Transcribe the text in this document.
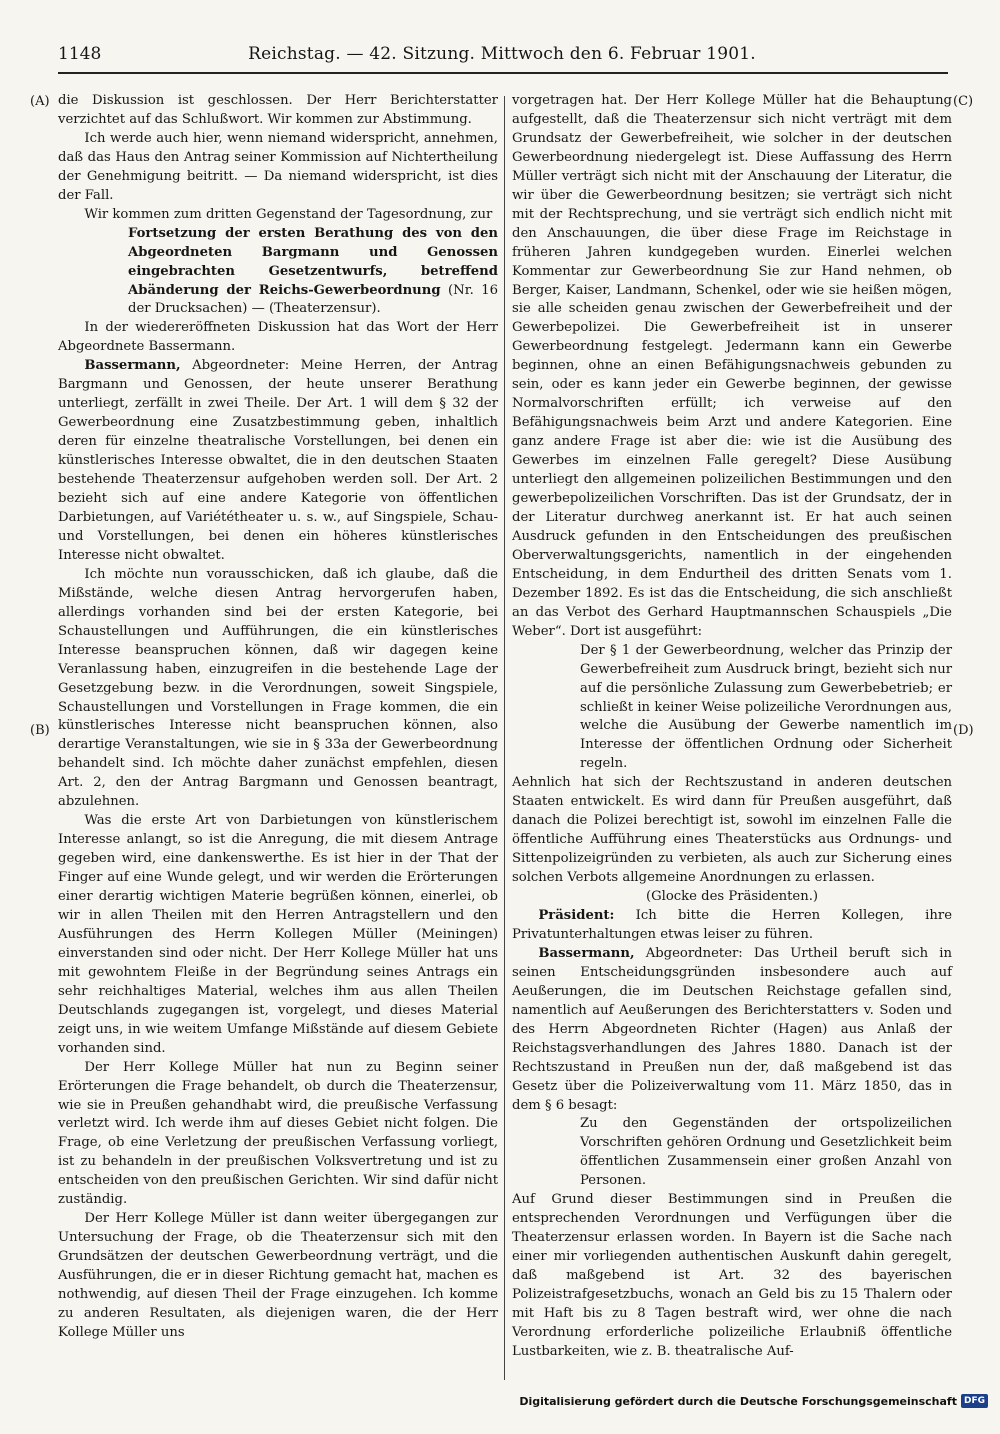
1148	Reichstag. — 42. Sitzung. Mittwoch den 6. Februar 1901.
(A)
(B)
(C)
(D)

die Diskussion ist geschlossen. Der Herr Berichterstatter verzichtet auf das Schlußwort. Wir kommen zur Abstimmung.

Ich werde auch hier, wenn niemand widerspricht, annehmen, daß das Haus den Antrag seiner Kommission auf Nichtertheilung der Genehmigung beitritt. — Da niemand widerspricht, ist dies der Fall.

Wir kommen zum dritten Gegenstand der Tagesordnung, zur

Fortsetzung der ersten Berathung des von den Abgeordneten Bargmann und Genossen eingebrachten Gesetzentwurfs, betreffend Abänderung der Reichs-Gewerbeordnung (Nr. 16 der Drucksachen) — (Theaterzensur).

In der wiedereröffneten Diskussion hat das Wort der Herr Abgeordnete Bassermann.

Bassermann, Abgeordneter: Meine Herren, der Antrag Bargmann und Genossen, der heute unserer Berathung unterliegt, zerfällt in zwei Theile. Der Art. 1 will dem § 32 der Gewerbeordnung eine Zusatzbestimmung geben, inhaltlich deren für einzelne theatralische Vorstellungen, bei denen ein künstlerisches Interesse obwaltet, die in den deutschen Staaten bestehende Theaterzensur aufgehoben werden soll. Der Art. 2 bezieht sich auf eine andere Kategorie von öffentlichen Darbietungen, auf Variététheater u. s. w., auf Singspiele, Schau- und Vorstellungen, bei denen ein höheres künstlerisches Interesse nicht obwaltet.

Ich möchte nun vorausschicken, daß ich glaube, daß die Mißstände, welche diesen Antrag hervorgerufen haben, allerdings vorhanden sind bei der ersten Kategorie, bei Schaustellungen und Aufführungen, die ein künstlerisches Interesse beanspruchen können, daß wir dagegen keine Veranlassung haben, einzugreifen in die bestehende Lage der Gesetzgebung bezw. in die Verordnungen, soweit Singspiele, Schaustellungen und Vorstellungen in Frage kommen, die ein künstlerisches Interesse nicht beanspruchen können, also derartige Veranstaltungen, wie sie in § 33a der Gewerbeordnung behandelt sind. Ich möchte daher zunächst empfehlen, diesen Art. 2, den der Antrag Bargmann und Genossen beantragt, abzulehnen.

Was die erste Art von Darbietungen von künstlerischem Interesse anlangt, so ist die Anregung, die mit diesem Antrage gegeben wird, eine dankenswerthe. Es ist hier in der That der Finger auf eine Wunde gelegt, und wir werden die Erörterungen einer derartig wichtigen Materie begrüßen können, einerlei, ob wir in allen Theilen mit den Herren Antragstellern und den Ausführungen des Herrn Kollegen Müller (Meiningen) einverstanden sind oder nicht. Der Herr Kollege Müller hat uns mit gewohntem Fleiße in der Begründung seines Antrags ein sehr reichhaltiges Material, welches ihm aus allen Theilen Deutschlands zugegangen ist, vorgelegt, und dieses Material zeigt uns, in wie weitem Umfange Mißstände auf diesem Gebiete vorhanden sind.

Der Herr Kollege Müller hat nun zu Beginn seiner Erörterungen die Frage behandelt, ob durch die Theaterzensur, wie sie in Preußen gehandhabt wird, die preußische Verfassung verletzt wird. Ich werde ihm auf dieses Gebiet nicht folgen. Die Frage, ob eine Verletzung der preußischen Verfassung vorliegt, ist zu behandeln in der preußischen Volksvertretung und ist zu entscheiden von den preußischen Gerichten. Wir sind dafür nicht zuständig.

Der Herr Kollege Müller ist dann weiter übergegangen zur Untersuchung der Frage, ob die Theaterzensur sich mit den Grundsätzen der deutschen Gewerbeordnung verträgt, und die Ausführungen, die er in dieser Richtung gemacht hat, machen es nothwendig, auf diesen Theil der Frage einzugehen. Ich komme zu anderen Resultaten, als diejenigen waren, die der Herr Kollege Müller uns

vorgetragen hat. Der Herr Kollege Müller hat die Behauptung aufgestellt, daß die Theaterzensur sich nicht verträgt mit dem Grundsatz der Gewerbefreiheit, wie solcher in der deutschen Gewerbeordnung niedergelegt ist. Diese Auffassung des Herrn Müller verträgt sich nicht mit der Anschauung der Literatur, die wir über die Gewerbeordnung besitzen; sie verträgt sich nicht mit der Rechtsprechung, und sie verträgt sich endlich nicht mit den Anschauungen, die über diese Frage im Reichstage in früheren Jahren kundgegeben wurden. Einerlei welchen Kommentar zur Gewerbeordnung Sie zur Hand nehmen, ob Berger, Kaiser, Landmann, Schenkel, oder wie sie heißen mögen, sie alle scheiden genau zwischen der Gewerbefreiheit und der Gewerbepolizei. Die Gewerbefreiheit ist in unserer Gewerbeordnung festgelegt. Jedermann kann ein Gewerbe beginnen, ohne an einen Befähigungsnachweis gebunden zu sein, oder es kann jeder ein Gewerbe beginnen, der gewisse Normalvorschriften erfüllt; ich verweise auf den Befähigungsnachweis beim Arzt und andere Kategorien. Eine ganz andere Frage ist aber die: wie ist die Ausübung des Gewerbes im einzelnen Falle geregelt? Diese Ausübung unterliegt den allgemeinen polizeilichen Bestimmungen und den gewerbepolizeilichen Vorschriften. Das ist der Grundsatz, der in der Literatur durchweg anerkannt ist. Er hat auch seinen Ausdruck gefunden in den Entscheidungen des preußischen Oberverwaltungsgerichts, namentlich in der eingehenden Entscheidung, in dem Endurtheil des dritten Senats vom 1. Dezember 1892. Es ist das die Entscheidung, die sich anschließt an das Verbot des Gerhard Hauptmannschen Schauspiels „Die Weber“. Dort ist ausgeführt:

Der § 1 der Gewerbeordnung, welcher das Prinzip der Gewerbefreiheit zum Ausdruck bringt, bezieht sich nur auf die persönliche Zulassung zum Gewerbebetrieb; er schließt in keiner Weise polizeiliche Verordnungen aus, welche die Ausübung der Gewerbe namentlich im Interesse der öffentlichen Ordnung oder Sicherheit regeln.

Aehnlich hat sich der Rechtszustand in anderen deutschen Staaten entwickelt. Es wird dann für Preußen ausgeführt, daß danach die Polizei berechtigt ist, sowohl im einzelnen Falle die öffentliche Aufführung eines Theaterstücks aus Ordnungs- und Sittenpolizeigründen zu verbieten, als auch zur Sicherung eines solchen Verbots allgemeine Anordnungen zu erlassen.

(Glocke des Präsidenten.)

Präsident: Ich bitte die Herren Kollegen, ihre Privatunterhaltungen etwas leiser zu führen.

Bassermann, Abgeordneter: Das Urtheil beruft sich in seinen Entscheidungsgründen insbesondere auch auf Aeußerungen, die im Deutschen Reichstage gefallen sind, namentlich auf Aeußerungen des Berichterstatters v. Soden und des Herrn Abgeordneten Richter (Hagen) aus Anlaß der Reichstagsverhandlungen des Jahres 1880. Danach ist der Rechtszustand in Preußen nun der, daß maßgebend ist das Gesetz über die Polizeiverwaltung vom 11. März 1850, das in dem § 6 besagt:

Zu den Gegenständen der ortspolizeilichen Vorschriften gehören Ordnung und Gesetzlichkeit beim öffentlichen Zusammensein einer großen Anzahl von Personen.

Auf Grund dieser Bestimmungen sind in Preußen die entsprechenden Verordnungen und Verfügungen über die Theaterzensur erlassen worden. In Bayern ist die Sache nach einer mir vorliegenden authentischen Auskunft dahin geregelt, daß maßgebend ist Art. 32 des bayerischen Polizeistrafgesetzbuchs, wonach an Geld bis zu 15 Thalern oder mit Haft bis zu 8 Tagen bestraft wird, wer ohne die nach Verordnung erforderliche polizeiliche Erlaubniß öffentliche Lustbarkeiten, wie z. B. theatralische Auf-

Digitalisierung gefördert durch die Deutsche Forschungsgemeinschaft DFG
